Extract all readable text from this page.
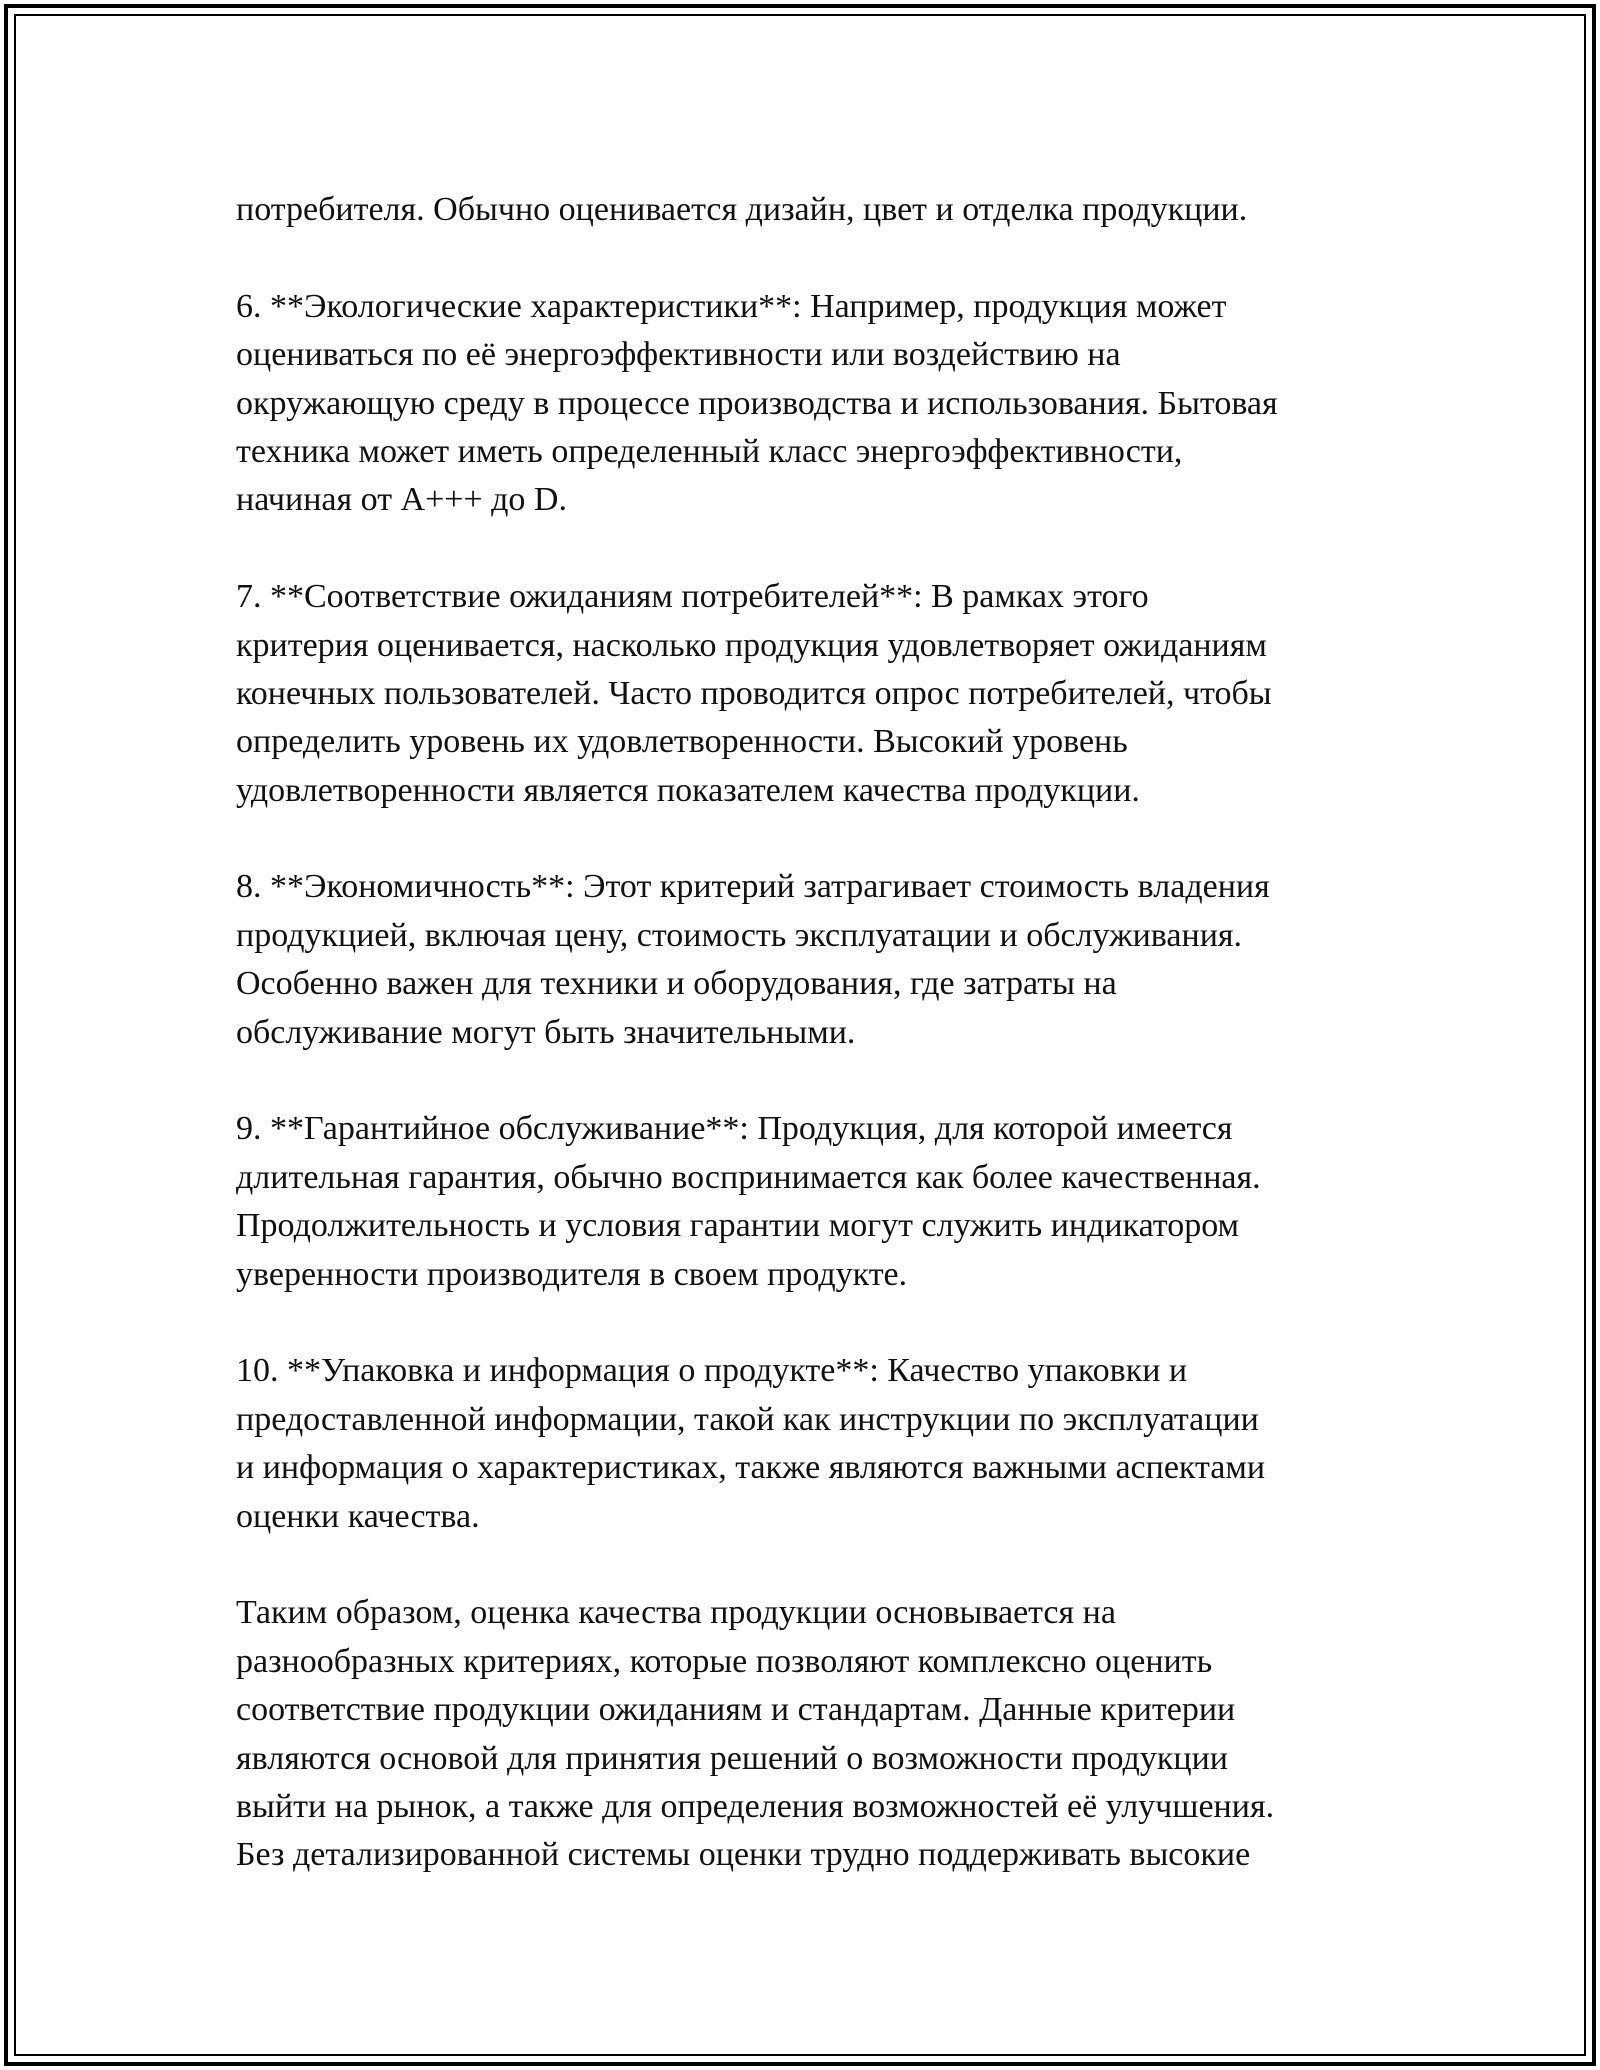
потребителя. Обычно оценивается дизайн, цвет и отделка продукции.
6. **Экологические характеристики**: Например, продукция может
оцениваться по её энергоэффективности или воздействию на
окружающую среду в процессе производства и использования. Бытовая
техника может иметь определенный класс энергоэффективности,
начиная от A+++ до D.
7. **Соответствие ожиданиям потребителей**: В рамках этого
критерия оценивается, насколько продукция удовлетворяет ожиданиям
конечных пользователей. Часто проводится опрос потребителей, чтобы
определить уровень их удовлетворенности. Высокий уровень
удовлетворенности является показателем качества продукции.
8. **Экономичность**: Этот критерий затрагивает стоимость владения
продукцией, включая цену, стоимость эксплуатации и обслуживания.
Особенно важен для техники и оборудования, где затраты на
обслуживание могут быть значительными.
9. **Гарантийное обслуживание**: Продукция, для которой имеется
длительная гарантия, обычно воспринимается как более качественная.
Продолжительность и условия гарантии могут служить индикатором
уверенности производителя в своем продукте.
10. **Упаковка и информация о продукте**: Качество упаковки и
предоставленной информации, такой как инструкции по эксплуатации
и информация о характеристиках, также являются важными аспектами
оценки качества.
Таким образом, оценка качества продукции основывается на
разнообразных критериях, которые позволяют комплексно оценить
соответствие продукции ожиданиям и стандартам. Данные критерии
являются основой для принятия решений о возможности продукции
выйти на рынок, а также для определения возможностей её улучшения.
Без детализированной системы оценки трудно поддерживать высокие
